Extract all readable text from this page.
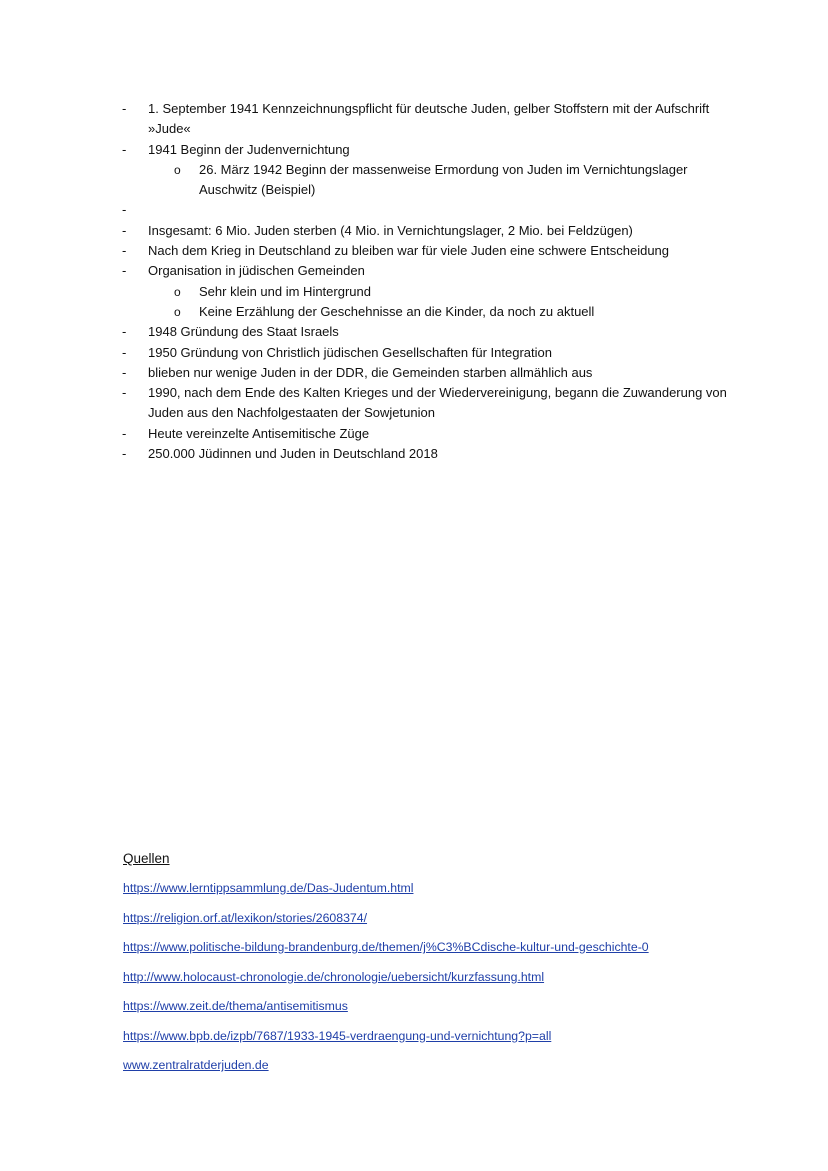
- 1. September 1941 Kennzeichnungspflicht für deutsche Juden, gelber Stoffstern mit der Aufschrift »Jude«
- 1941 Beginn der Judenvernichtung
o 26. März 1942 Beginn der massenweise Ermordung von Juden im Vernichtungslager Auschwitz (Beispiel)
-
- Insgesamt: 6 Mio. Juden sterben (4 Mio. in Vernichtungslager, 2 Mio. bei Feldzügen)
- Nach dem Krieg in Deutschland zu bleiben war für viele Juden eine schwere Entscheidung
- Organisation in jüdischen Gemeinden
o Sehr klein und im Hintergrund
o Keine Erzählung der Geschehnisse an die Kinder, da noch zu aktuell
- 1948 Gründung des Staat Israels
- 1950 Gründung von Christlich jüdischen Gesellschaften für Integration
- blieben nur wenige Juden in der DDR, die Gemeinden starben allmählich aus
- 1990, nach dem Ende des Kalten Krieges und der Wiedervereinigung, begann die Zuwanderung von Juden aus den Nachfolgestaaten der Sowjetunion
- Heute vereinzelte Antisemitische Züge
- 250.000 Jüdinnen und Juden in Deutschland 2018
Quellen
https://www.lerntippsammlung.de/Das-Judentum.html
https://religion.orf.at/lexikon/stories/2608374/
https://www.politische-bildung-brandenburg.de/themen/j%C3%BCdische-kultur-und-geschichte-0
http://www.holocaust-chronologie.de/chronologie/uebersicht/kurzfassung.html
https://www.zeit.de/thema/antisemitismus
https://www.bpb.de/izpb/7687/1933-1945-verdraengung-und-vernichtung?p=all
www.zentralratderjuden.de
